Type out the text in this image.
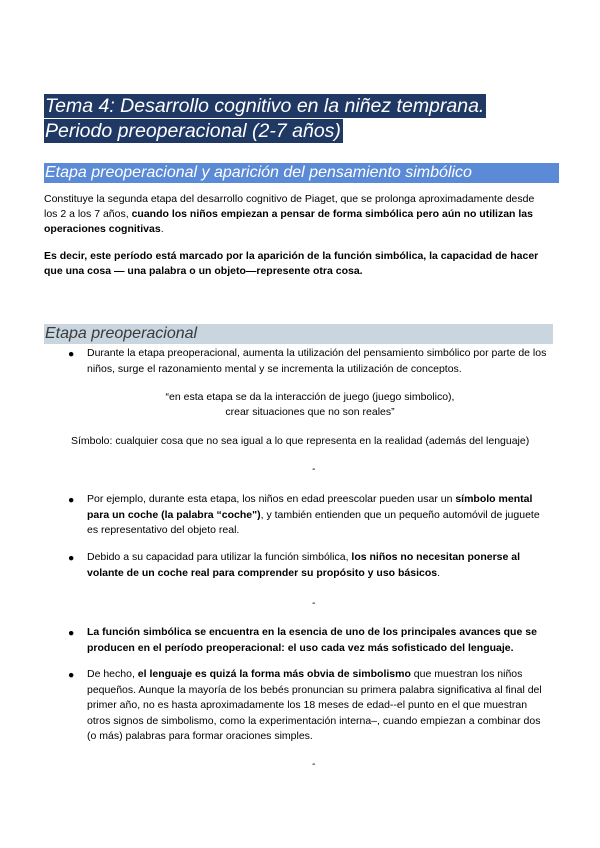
Tema 4: Desarrollo cognitivo en la niñez temprana.
Periodo preoperacional (2-7 años)
Etapa preoperacional y aparición del pensamiento simbólico
Constituye la segunda etapa del desarrollo cognitivo de Piaget, que se prolonga aproximadamente desde los 2 a los 7 años, cuando los niños empiezan a pensar de forma simbólica pero aún no utilizan las operaciones cognitivas.
Es decir, este período está marcado por la aparición de la función simbólica, la capacidad de hacer que una cosa — una palabra o un objeto—represente otra cosa.
Etapa preoperacional
● Durante la etapa preoperacional, aumenta la utilización del pensamiento simbólico por parte de los niños, surge el razonamiento mental y se incrementa la utilización de conceptos.
“en esta etapa se da la interacción de juego (juego simbolico), crear situaciones que no son reales”
Símbolo: cualquier cosa que no sea igual a lo que representa en la realidad (además del lenguaje)
-
● Por ejemplo, durante esta etapa, los niños en edad preescolar pueden usar un símbolo mental para un coche (la palabra “coche"), y también entienden que un pequeño automóvil de juguete es representativo del objeto real.
● Debido a su capacidad para utilizar la función simbólica, los niños no necesitan ponerse al volante de un coche real para comprender su propósito y uso básicos.
-
● La función simbólica se encuentra en la esencia de uno de los principales avances que se producen en el período preoperacional: el uso cada vez más sofisticado del lenguaje.
● De hecho, el lenguaje es quizá la forma más obvia de simbolismo que muestran los niños pequeños. Aunque la mayoría de los bebés pronuncian su primera palabra significativa al final del primer año, no es hasta aproximadamente los 18 meses de edad--el punto en el que muestran otros signos de simbolismo, como la experimentación interna–, cuando empiezan a combinar dos (o más) palabras para formar oraciones simples.
-
